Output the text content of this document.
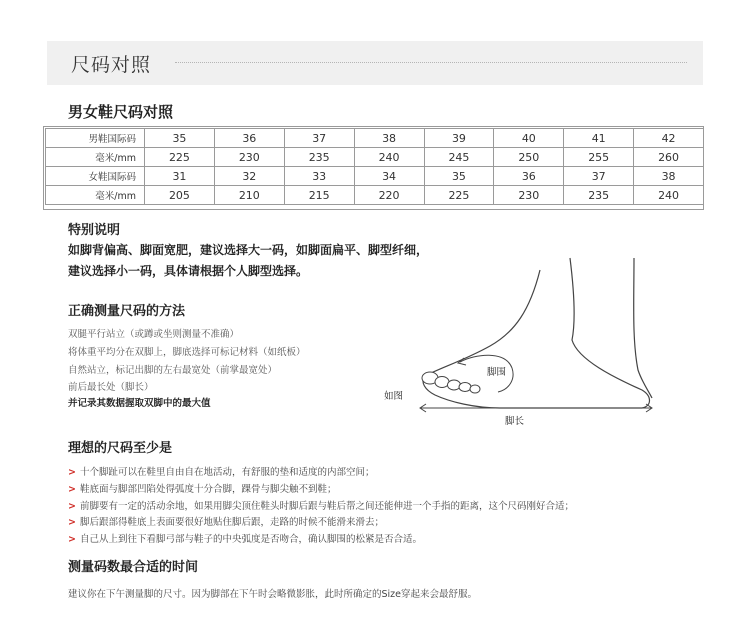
尺码对照
男女鞋尺码对照
男鞋国际码	35	36	37	38	39	40	41	42
毫米/mm	225	230	235	240	245	250	255	260
女鞋国际码	31	32	33	34	35	36	37	38
毫米/mm	205	210	215	220	225	230	235	240
特别说明
如脚背偏高、脚面宽肥，建议选择大一码，如脚面扁平、脚型纤细，
建议选择小一码，具体请根据个人脚型选择。
正确测量尺码的方法
双腿平行站立（或蹲或坐则测量不准确）
将体重平均分在双脚上，脚底选择可标记材料（如纸板）
自然站立，标记出脚的左右最宽处（前掌最宽处）
前后最长处（脚长）
并记录其数据握取双脚中的最大值
如图
脚围
脚长
理想的尺码至少是
> 十个脚趾可以在鞋里自由自在地活动，有舒服的垫和适度的内部空间；
> 鞋底面与脚部凹陷处得弧度十分合脚，踝骨与脚尖触不到鞋；
> 前脚要有一定的活动余地，如果用脚尖顶住鞋头时脚后跟与鞋后帮之间还能伸进一个手指的距离，这个尺码刚好合适；
> 脚后跟部得鞋底上表面要很好地贴住脚后跟，走路的时候不能滑来滑去；
> 自己从上到往下看脚弓部与鞋子的中央弧度是否吻合，确认脚围的松紧是否合适。
测量码数最合适的时间
建议你在下午测量脚的尺寸。因为脚部在下午时会略微影胀，此时所确定的Size穿起来会最舒服。
